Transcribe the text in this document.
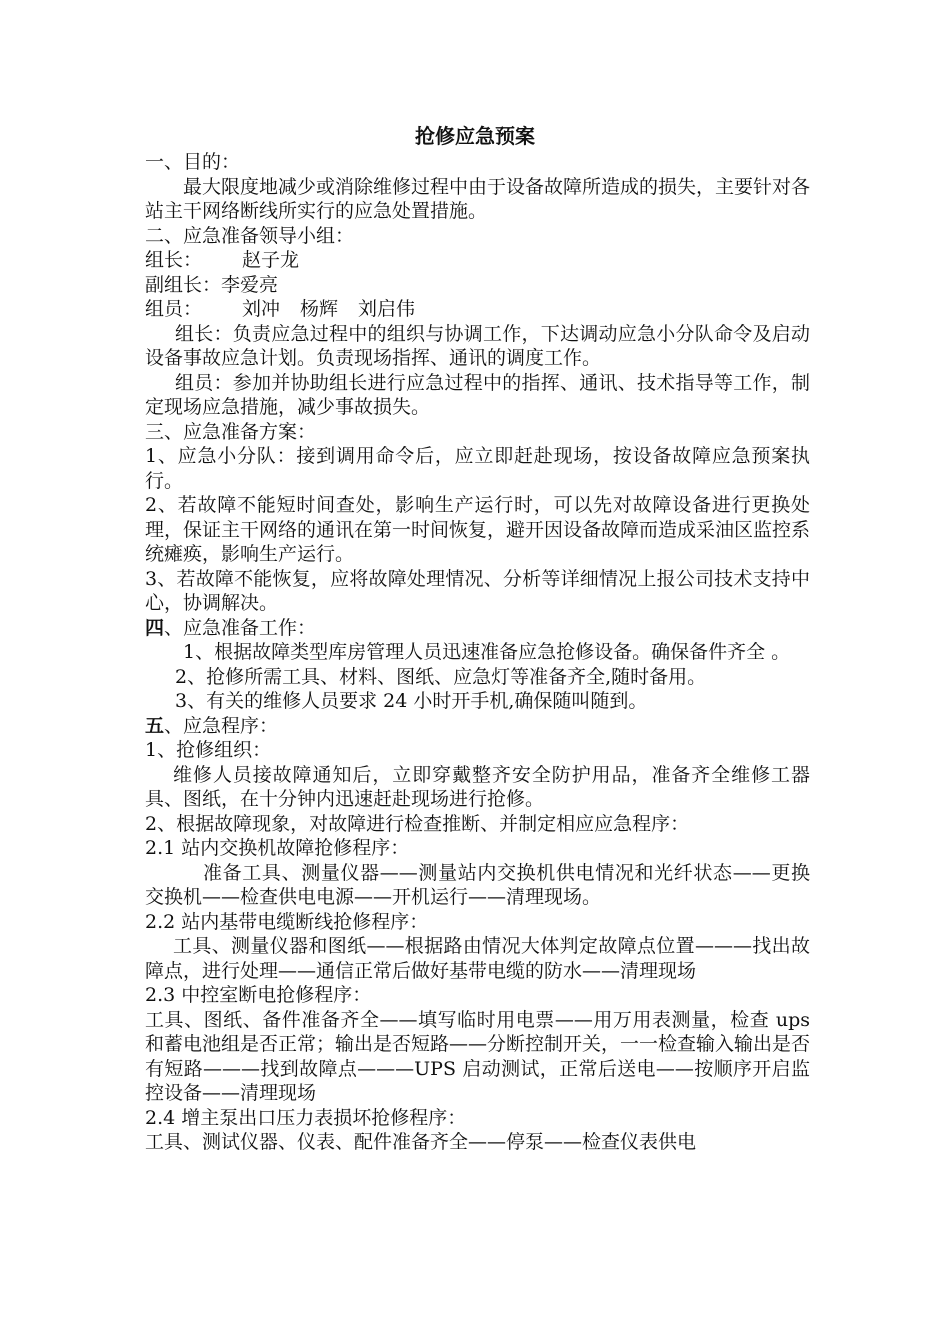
抢修应急预案

一、目的：

最大限度地减少或消除维修过程中由于设备故障所造成的损失，主要针对各站主干网络断线所实行的应急处置措施。

二、应急准备领导小组：

组长： 赵子龙

副组长：李爱亮

组员： 刘冲 杨辉 刘启伟

组长：负责应急过程中的组织与协调工作，下达调动应急小分队命令及启动设备事故应急计划。负责现场指挥、通讯的调度工作。

组员：参加并协助组长进行应急过程中的指挥、通讯、技术指导等工作，制定现场应急措施，减少事故损失。

三、应急准备方案：

1、应急小分队：接到调用命令后，应立即赶赴现场，按设备故障应急预案执行。

2、若故障不能短时间查处，影响生产运行时，可以先对故障设备进行更换处理，保证主干网络的通讯在第一时间恢复，避开因设备故障而造成采油区监控系统瘫痪，影响生产运行。

3、若故障不能恢复，应将故障处理情况、分析等详细情况上报公司技术支持中心，协调解决。

四、应急准备工作：

1、根据故障类型库房管理人员迅速准备应急抢修设备。确保备件齐全 。

2、抢修所需工具、材料、图纸、应急灯等准备齐全,随时备用。

3、有关的维修人员要求 24 小时开手机,确保随叫随到。

五、应急程序：

1、抢修组织：

维修人员接故障通知后，立即穿戴整齐安全防护用品，准备齐全维修工器具、图纸，在十分钟内迅速赶赴现场进行抢修。

2、根据故障现象，对故障进行检查推断、并制定相应应急程序：

2.1 站内交换机故障抢修程序：

准备工具、测量仪器——测量站内交换机供电情况和光纤状态——更换交换机——检查供电电源——开机运行——清理现场。

2.2 站内基带电缆断线抢修程序：

工具、测量仪器和图纸——根据路由情况大体判定故障点位置———找出故障点，进行处理——通信正常后做好基带电缆的防水——清理现场

2.3 中控室断电抢修程序：

工具、图纸、备件准备齐全——填写临时用电票——用万用表测量，检查 ups 和蓄电池组是否正常；输出是否短路——分断控制开关，一一检查输入输出是否有短路———找到故障点———UPS 启动测试，正常后送电——按顺序开启监控设备——清理现场

2.4 增主泵出口压力表损坏抢修程序：

工具、测试仪器、仪表、配件准备齐全——停泵——检查仪表供电
